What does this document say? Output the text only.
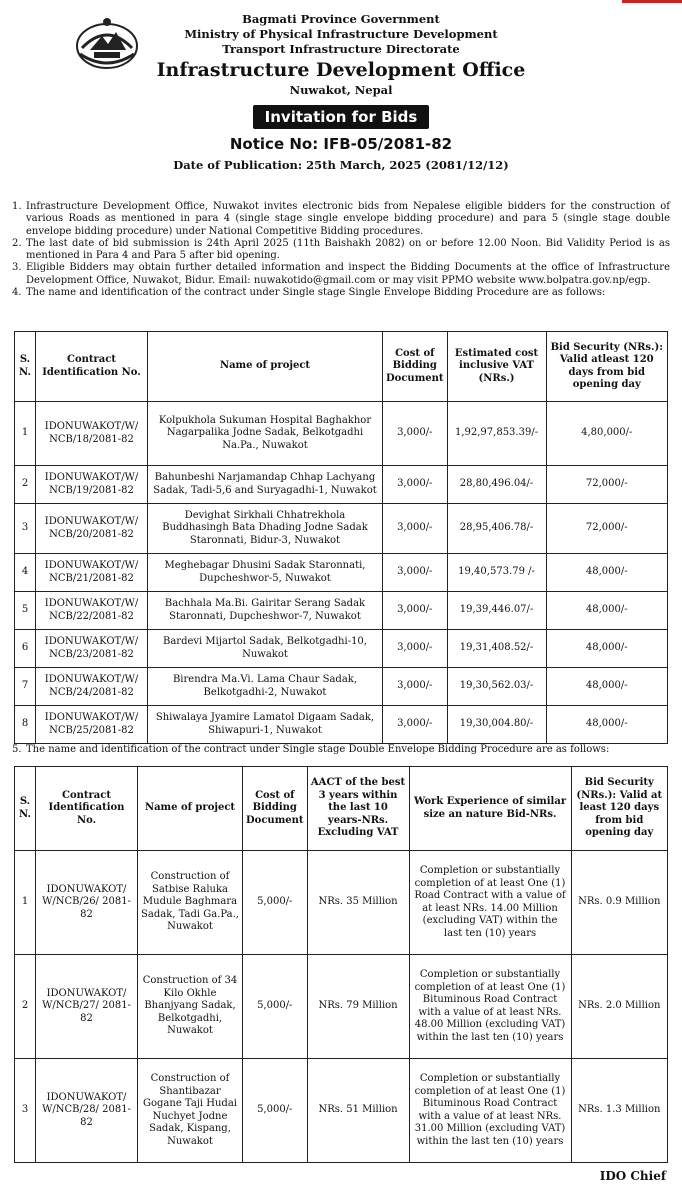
Bagmati Province Government
Ministry of Physical Infrastructure Development
Transport Infrastructure Directorate
Infrastructure Development Office
Nuwakot, Nepal
Invitation for Bids
Notice No: IFB-05/2081-82
Date of Publication: 25th March, 2025 (2081/12/12)
1. Infrastructure Development Office, Nuwakot invites electronic bids from Nepalese eligible bidders for the construction of various Roads as mentioned in para 4 (single stage single envelope bidding procedure) and para 5 (single stage double envelope bidding procedure) under National Competitive Bidding procedures.
2. The last date of bid submission is 24th April 2025 (11th Baishakh 2082) on or before 12.00 Noon. Bid Validity Period is as mentioned in Para 4 and Para 5 after bid opening.
3. Eligible Bidders may obtain further detailed information and inspect the Bidding Documents at the office of Infrastructure Development Office, Nuwakot, Bidur. Email: nuwakotido@gmail.com or may visit PPMO website www.bolpatra.gov.np/egp.
4. The name and identification of the contract under Single stage Single Envelope Bidding Procedure are as follows:
S. N.	Contract Identification No.	Name of project	Cost of Bidding Document	Estimated cost inclusive VAT (NRs.)	Bid Security (NRs.): Valid atleast 120 days from bid opening day
1	IDONUWAKOT/W/ NCB/18/2081-82	Kolpukhola Sukuman Hospital Baghakhor Nagarpalika Jodne Sadak, Belkotgadhi Na.Pa., Nuwakot	3,000/-	1,92,97,853.39/-	4,80,000/-
2	IDONUWAKOT/W/ NCB/19/2081-82	Bahunbeshi Narjamandap Chhap Lachyang Sadak, Tadi-5,6 and Suryagadhi-1, Nuwakot	3,000/-	28,80,496.04/-	72,000/-
3	IDONUWAKOT/W/ NCB/20/2081-82	Devighat Sirkhali Chhatrekhola Buddhasingh Bata Dhading Jodne Sadak Staronnati, Bidur-3, Nuwakot	3,000/-	28,95,406.78/-	72,000/-
4	IDONUWAKOT/W/ NCB/21/2081-82	Meghebagar Dhusini Sadak Staronnati, Dupcheshwor-5, Nuwakot	3,000/-	19,40,573.79 /-	48,000/-
5	IDONUWAKOT/W/ NCB/22/2081-82	Bachhala Ma.Bi. Gairitar Serang Sadak Staronnati, Dupcheshwor-7, Nuwakot	3,000/-	19,39,446.07/-	48,000/-
6	IDONUWAKOT/W/ NCB/23/2081-82	Bardevi Mijartol Sadak, Belkotgadhi-10, Nuwakot	3,000/-	19,31,408.52/-	48,000/-
7	IDONUWAKOT/W/ NCB/24/2081-82	Birendra Ma.Vi. Lama Chaur Sadak, Belkotgadhi-2, Nuwakot	3,000/-	19,30,562.03/-	48,000/-
8	IDONUWAKOT/W/ NCB/25/2081-82	Shiwalaya Jyamire Lamatol Digaam Sadak, Shiwapuri-1, Nuwakot	3,000/-	19,30,004.80/-	48,000/-
5. The name and identification of the contract under Single stage Double Envelope Bidding Procedure are as follows:
S. N.	Contract Identification No.	Name of project	Cost of Bidding Document	AACT of the best 3 years within the last 10 years-NRs. Excluding VAT	Work Experience of similar size an nature Bid-NRs.	Bid Security (NRs.): Valid at least 120 days from bid opening day
1	IDONUWAKOT/ W/NCB/26/ 2081-82	Construction of Satbise Raluka Mudule Baghmara Sadak, Tadi Ga.Pa., Nuwakot	5,000/-	NRs. 35 Million	Completion or substantially completion of at least One (1) Road Contract with a value of at least NRs. 14.00 Million (excluding VAT) within the last ten (10) years	NRs. 0.9 Million
2	IDONUWAKOT/ W/NCB/27/ 2081-82	Construction of 34 Kilo Okhle Bhanjyang Sadak, Belkotgadhi, Nuwakot	5,000/-	NRs. 79 Million	Completion or substantially completion of at least One (1) Bituminous Road Contract with a value of at least NRs. 48.00 Million (excluding VAT) within the last ten (10) years	NRs. 2.0 Million
3	IDONUWAKOT/ W/NCB/28/ 2081-82	Construction of Shantibazar Gogane Taji Hudai Nuchyet Jodne Sadak, Kispang, Nuwakot	5,000/-	NRs. 51 Million	Completion or substantially completion of at least One (1) Bituminous Road Contract with a value of at least NRs. 31.00 Million (excluding VAT) within the last ten (10) years	NRs. 1.3 Million
IDO Chief
